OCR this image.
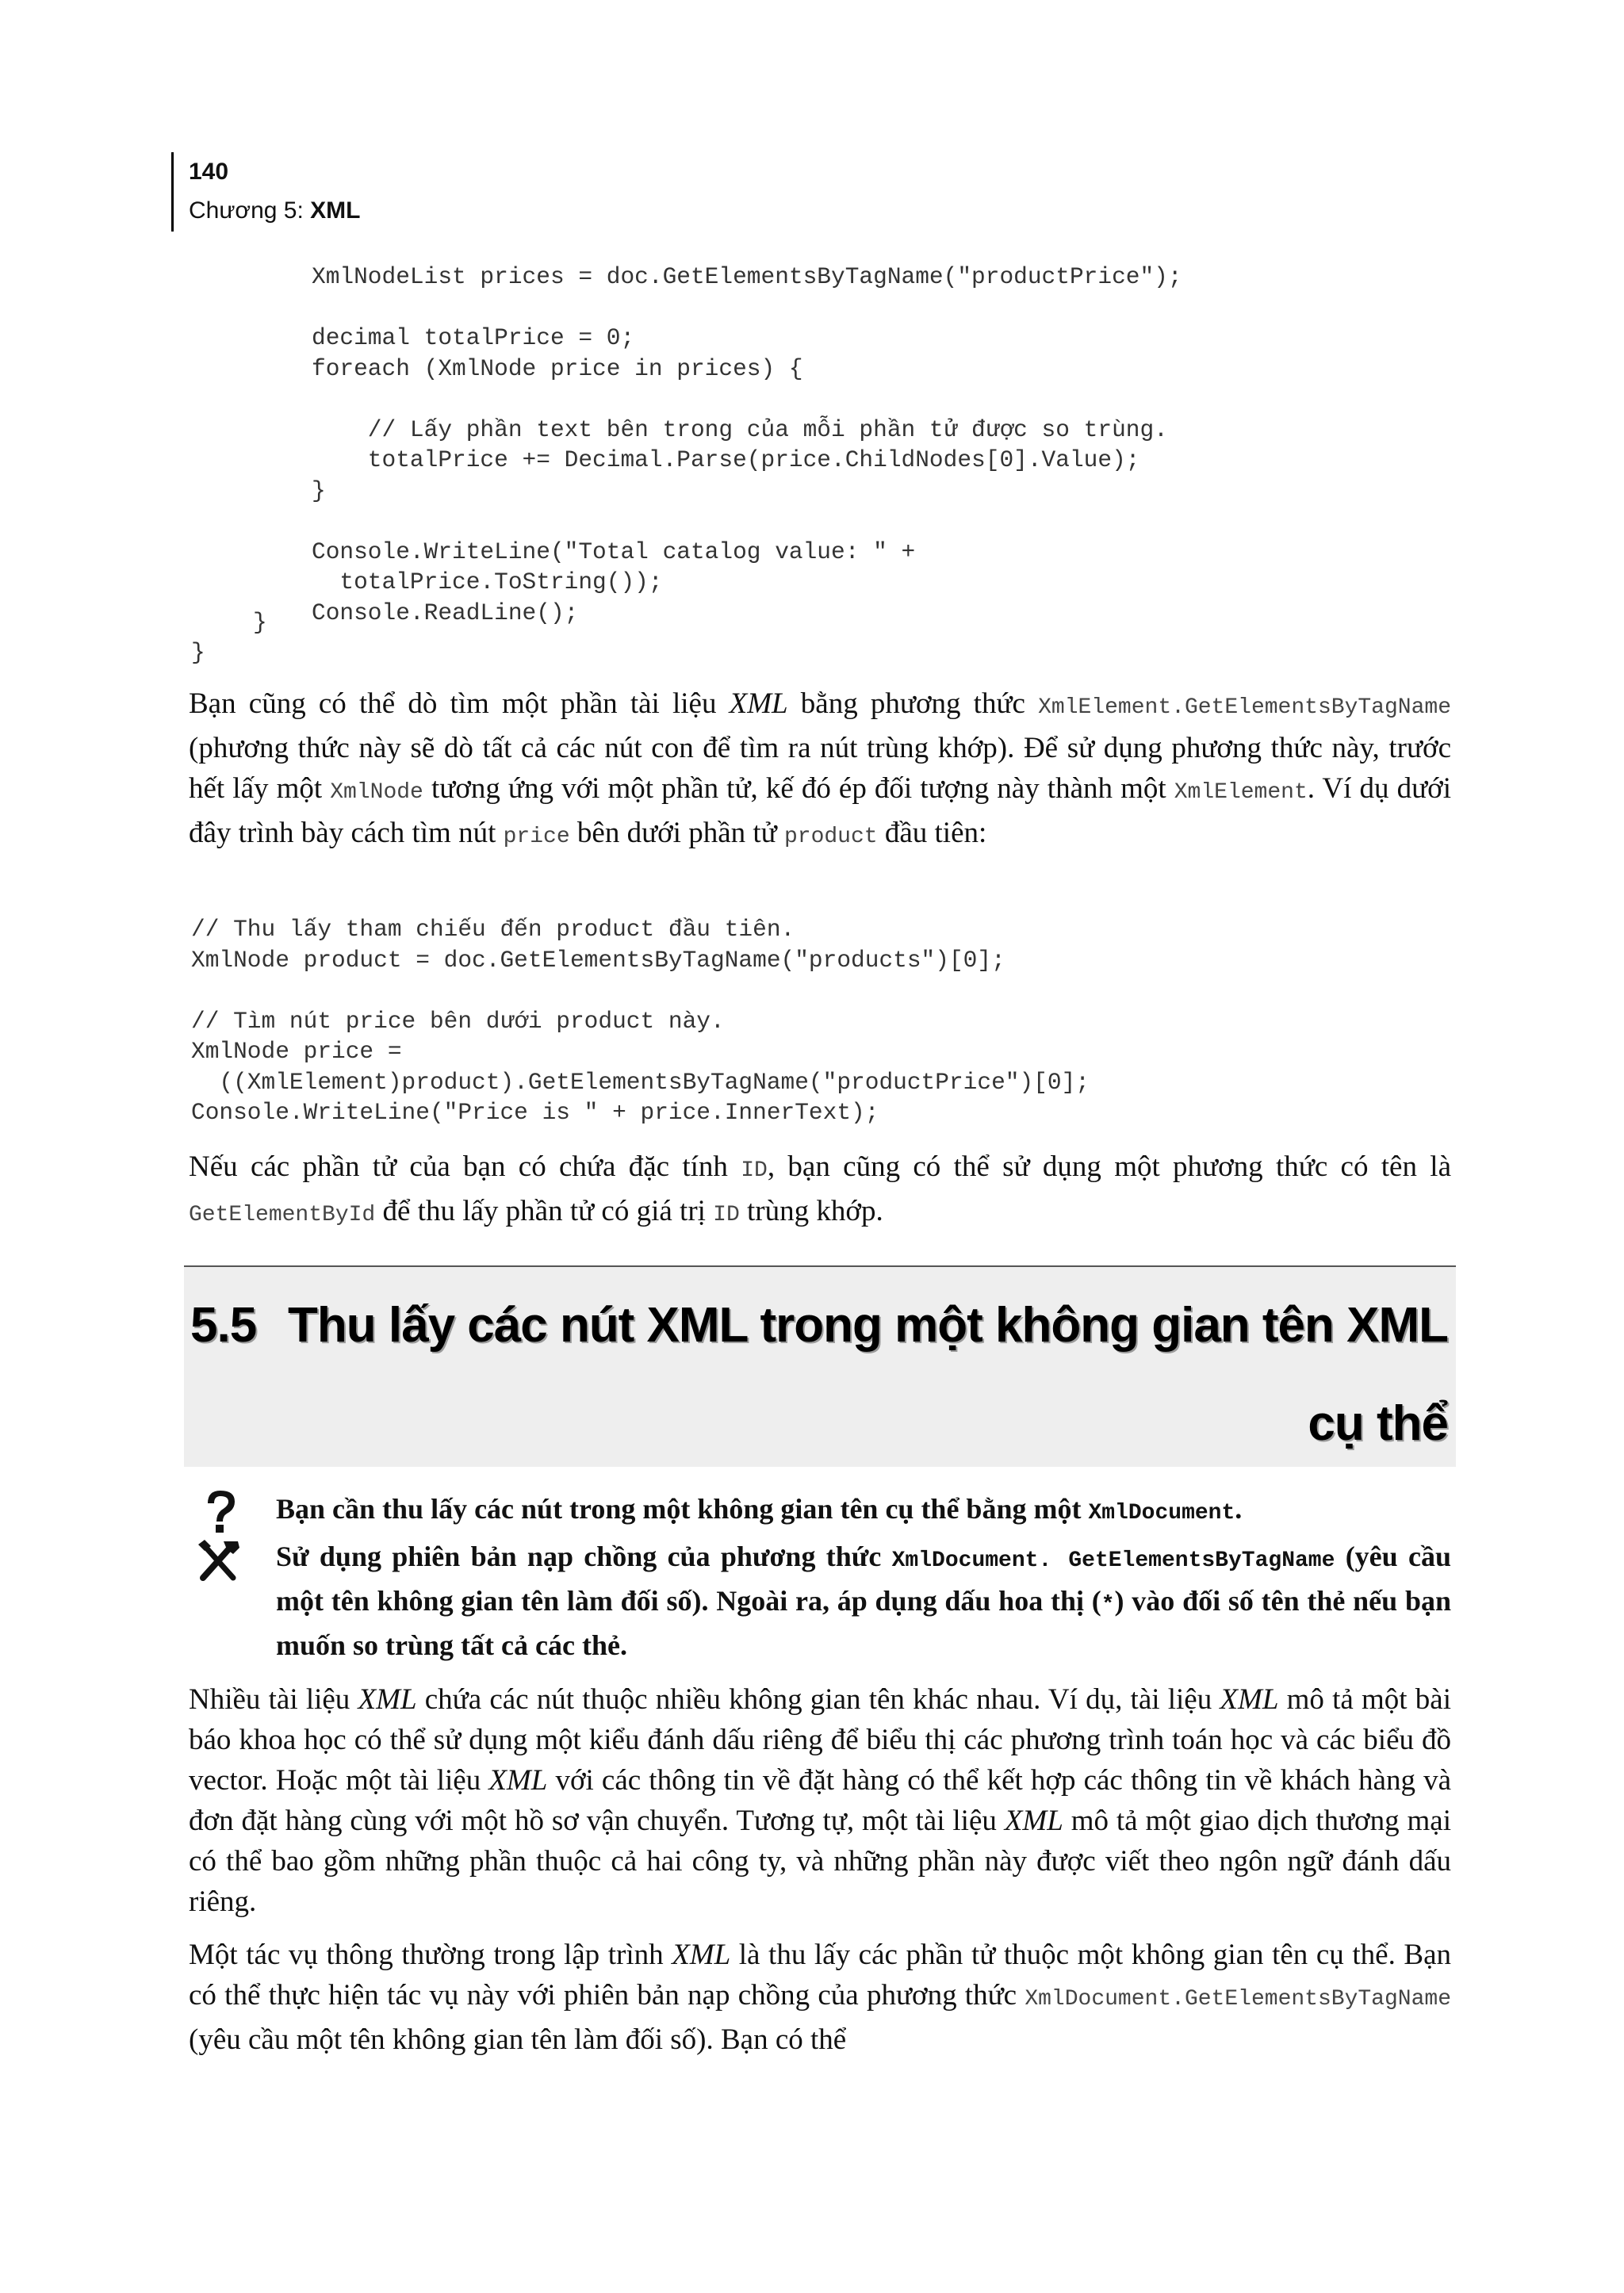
140
Chương 5: XML
XmlNodeList prices = doc.GetElementsByTagName("productPrice");

decimal totalPrice = 0;
foreach (XmlNode price in prices) {

// Lấy phần text bên trong của mỗi phần tử được so trùng.
totalPrice += Decimal.Parse(price.ChildNodes[0].Value);
}

Console.WriteLine("Total catalog value: " +
totalPrice.ToString());
Console.ReadLine();
}
}

Bạn cũng có thể dò tìm một phần tài liệu XML bằng phương thức XmlElement.GetElementsByTagName (phương thức này sẽ dò tất cả các nút con để tìm ra nút trùng khớp). Để sử dụng phương thức này, trước hết lấy một XmlNode tương ứng với một phần tử, kế đó ép đối tượng này thành một XmlElement. Ví dụ dưới đây trình bày cách tìm nút price bên dưới phần tử product đầu tiên:

// Thu lấy tham chiếu đến product đầu tiên.
XmlNode product = doc.GetElementsByTagName("products")[0];

// Tìm nút price bên dưới product này.
XmlNode price =
((XmlElement)product).GetElementsByTagName("productPrice")[0];
Console.WriteLine("Price is " + price.InnerText);

Nếu các phần tử của bạn có chứa đặc tính ID, bạn cũng có thể sử dụng một phương thức có tên là GetElementById để thu lấy phần tử có giá trị ID trùng khớp.

5.5 Thu lấy các nút XML trong một không gian tên XML
cụ thể

Bạn cần thu lấy các nút trong một không gian tên cụ thể bằng một XmlDocument.

Sử dụng phiên bản nạp chồng của phương thức XmlDocument. GetElementsByTagName (yêu cầu một tên không gian tên làm đối số). Ngoài ra, áp dụng dấu hoa thị (*) vào đối số tên thẻ nếu bạn muốn so trùng tất cả các thẻ.

Nhiều tài liệu XML chứa các nút thuộc nhiều không gian tên khác nhau. Ví dụ, tài liệu XML mô tả một bài báo khoa học có thể sử dụng một kiểu đánh dấu riêng để biểu thị các phương trình toán học và các biểu đồ vector. Hoặc một tài liệu XML với các thông tin về đặt hàng có thể kết hợp các thông tin về khách hàng và đơn đặt hàng cùng với một hồ sơ vận chuyển. Tương tự, một tài liệu XML mô tả một giao dịch thương mại có thể bao gồm những phần thuộc cả hai công ty, và những phần này được viết theo ngôn ngữ đánh dấu riêng.

Một tác vụ thông thường trong lập trình XML là thu lấy các phần tử thuộc một không gian tên cụ thể. Bạn có thể thực hiện tác vụ này với phiên bản nạp chồng của phương thức XmlDocument.GetElementsByTagName (yêu cầu một tên không gian tên làm đối số). Bạn có thể
